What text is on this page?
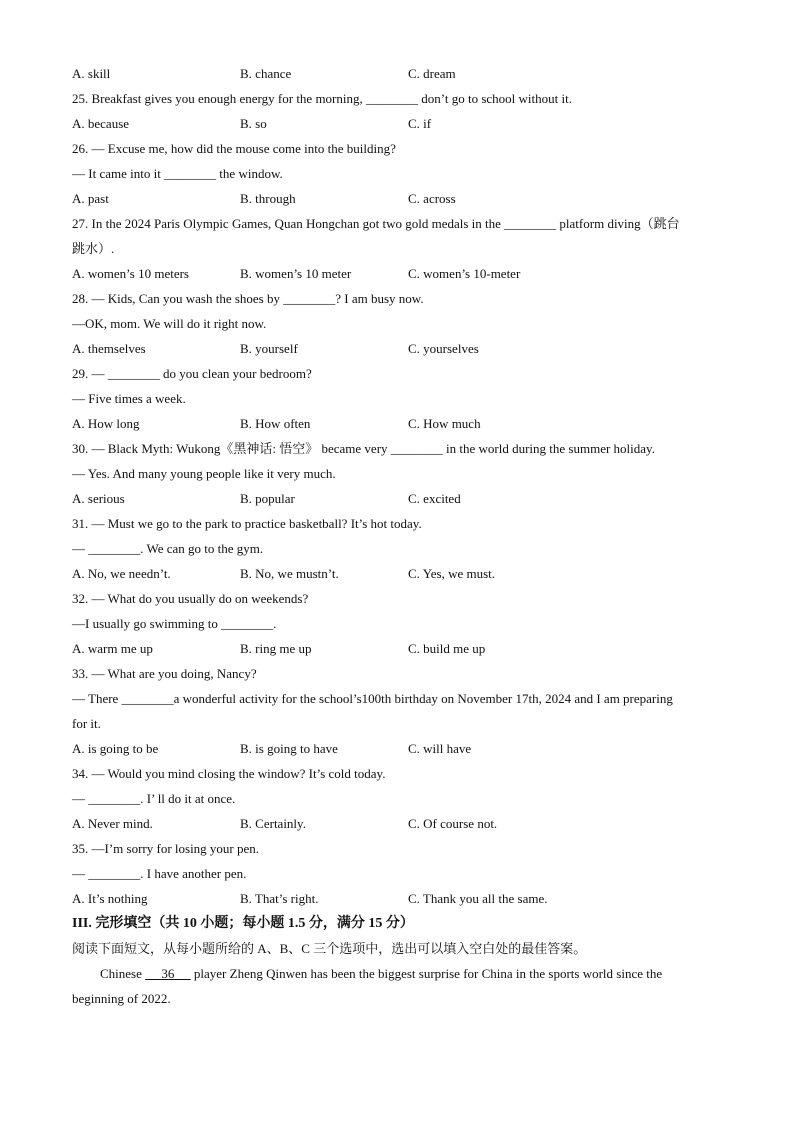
A. skill	B. chance	C. dream
25. Breakfast gives you enough energy for the morning, ________ don’t go to school without it.
A. because	B. so	C. if
26. — Excuse me, how did the mouse come into the building?
— It came into it ________ the window.
A. past	B. through	C. across
27. In the 2024 Paris Olympic Games, Quan Hongchan got two gold medals in the ________ platform diving（跳台
跳水）.
A. women’s 10 meters	B. women’s 10 meter	C. women’s 10-meter
28. — Kids, Can you wash the shoes by ________? I am busy now.
—OK, mom. We will do it right now.
A. themselves	B. yourself	C. yourselves
29. — ________ do you clean your bedroom?
— Five times a week.
A. How long	B. How often	C. How much
30. — Black Myth: Wukong《黑神话: 悟空》 became very ________ in the world during the summer holiday.
— Yes. And many young people like it very much.
A. serious	B. popular	C. excited
31. — Must we go to the park to practice basketball? It’s hot today.
— ________. We can go to the gym.
A. No, we needn’t.	B. No, we mustn’t.	C. Yes, we must.
32. — What do you usually do on weekends?
—I usually go swimming to ________.
A. warm me up	B. ring me up	C. build me up
33. — What are you doing, Nancy?
— There ________a wonderful activity for the school’s100th birthday on November 17th, 2024 and I am preparing
for it.
A. is going to be	B. is going to have	C. will have
34. — Would you mind closing the window? It’s cold today.
— ________. I’ ll do it at once.
A. Never mind.	B. Certainly.	C. Of course not.
35. —I’m sorry for losing your pen.
— ________. I have another pen.
A. It’s nothing	B. That’s right.	C. Thank you all the same.
III. 完形填空（共 10 小题；每小题 1.5 分，满分 15 分）
阅读下面短文，从每小题所给的 A、B、C 三个选项中，选出可以填入空白处的最佳答案。
Chinese      36      player Zheng Qinwen has been the biggest surprise for China in the sports world since the
beginning of 2022.
